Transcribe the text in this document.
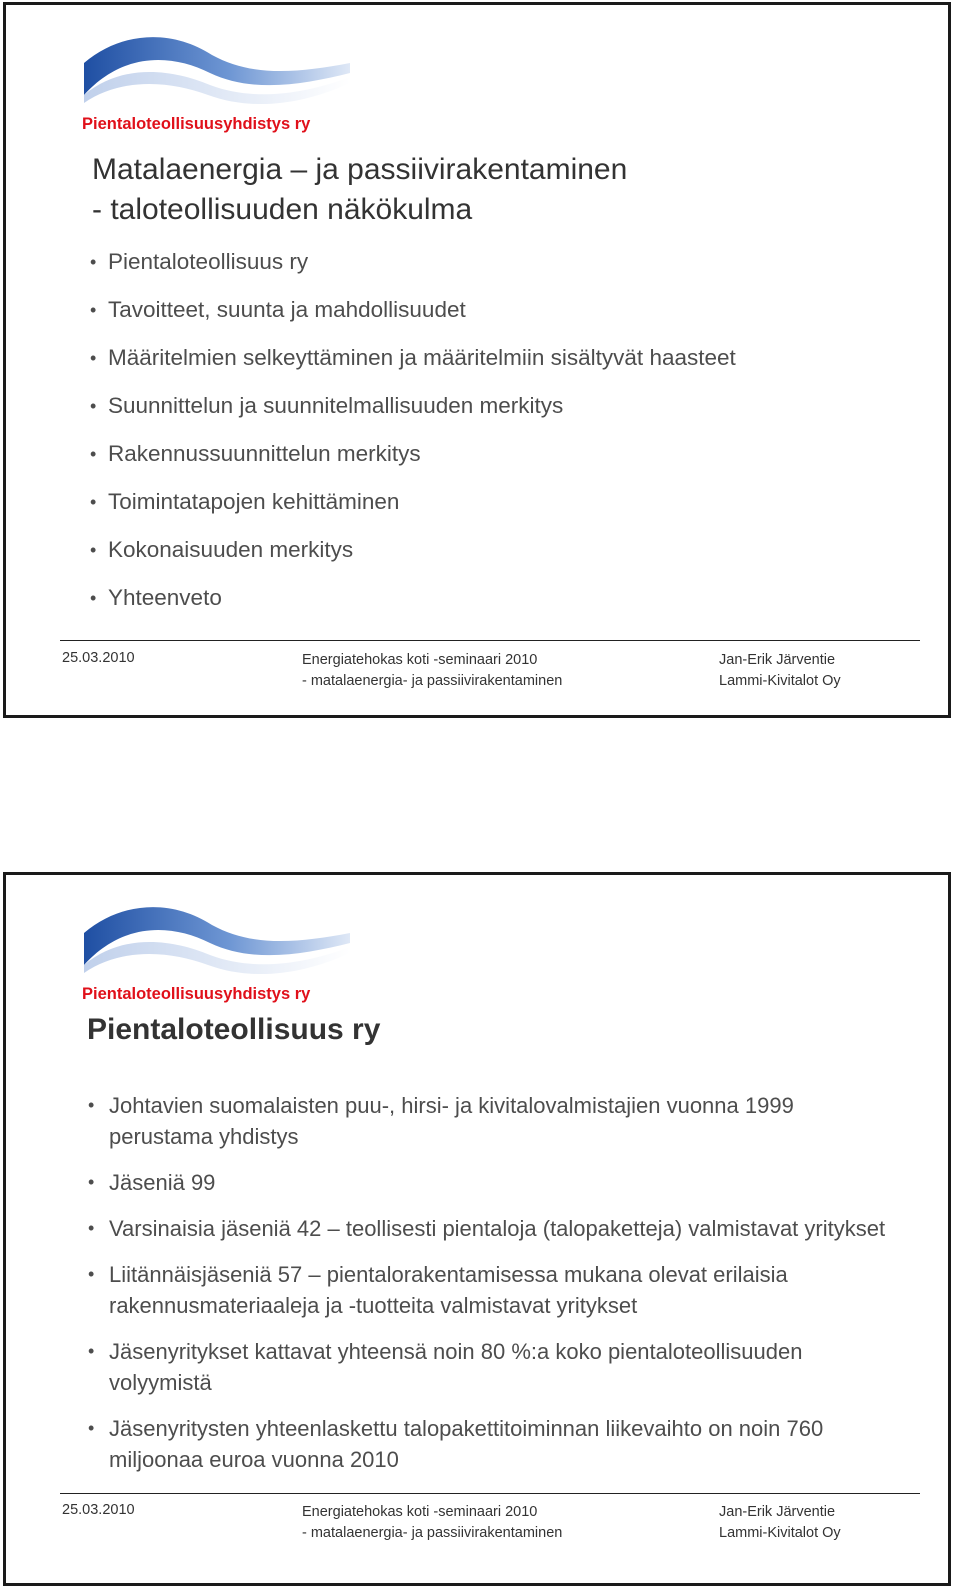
Pientaloteollisuusyhdistys ry
Matalaenergia – ja passiivirakentaminen
- taloteollisuuden näkökulma
• Pientaloteollisuus ry
• Tavoitteet, suunta ja mahdollisuudet
• Määritelmien selkeyttäminen ja määritelmiin sisältyvät haasteet
• Suunnittelun ja suunnitelmallisuuden merkitys
• Rakennussuunnittelun merkitys
• Toimintatapojen kehittäminen
• Kokonaisuuden merkitys
• Yhteenveto
25.03.2010	Energiatehokas koti -seminaari 2010
- matalaenergia- ja passiivirakentaminen
Jan-Erik Järventie
Lammi-Kivitalot Oy
Pientaloteollisuusyhdistys ry
Pientaloteollisuus ry
• Johtavien suomalaisten puu-, hirsi- ja kivitalovalmistajien vuonna 1999 perustama yhdistys
• Jäseniä 99
• Varsinaisia jäseniä 42 – teollisesti pientaloja (talopaketteja) valmistavat yritykset
• Liitännäisjäseniä 57 – pientalorakentamisessa mukana olevat erilaisia rakennusmateriaaleja ja -tuotteita valmistavat yritykset
• Jäsenyritykset kattavat yhteensä noin 80 %:a koko pientaloteollisuuden volyymistä
• Jäsenyritysten yhteenlaskettu talopakettitoiminnan liikevaihto on noin 760 miljoonaa euroa vuonna 2010
25.03.2010	Energiatehokas koti -seminaari 2010
- matalaenergia- ja passiivirakentaminen
Jan-Erik Järventie
Lammi-Kivitalot Oy
